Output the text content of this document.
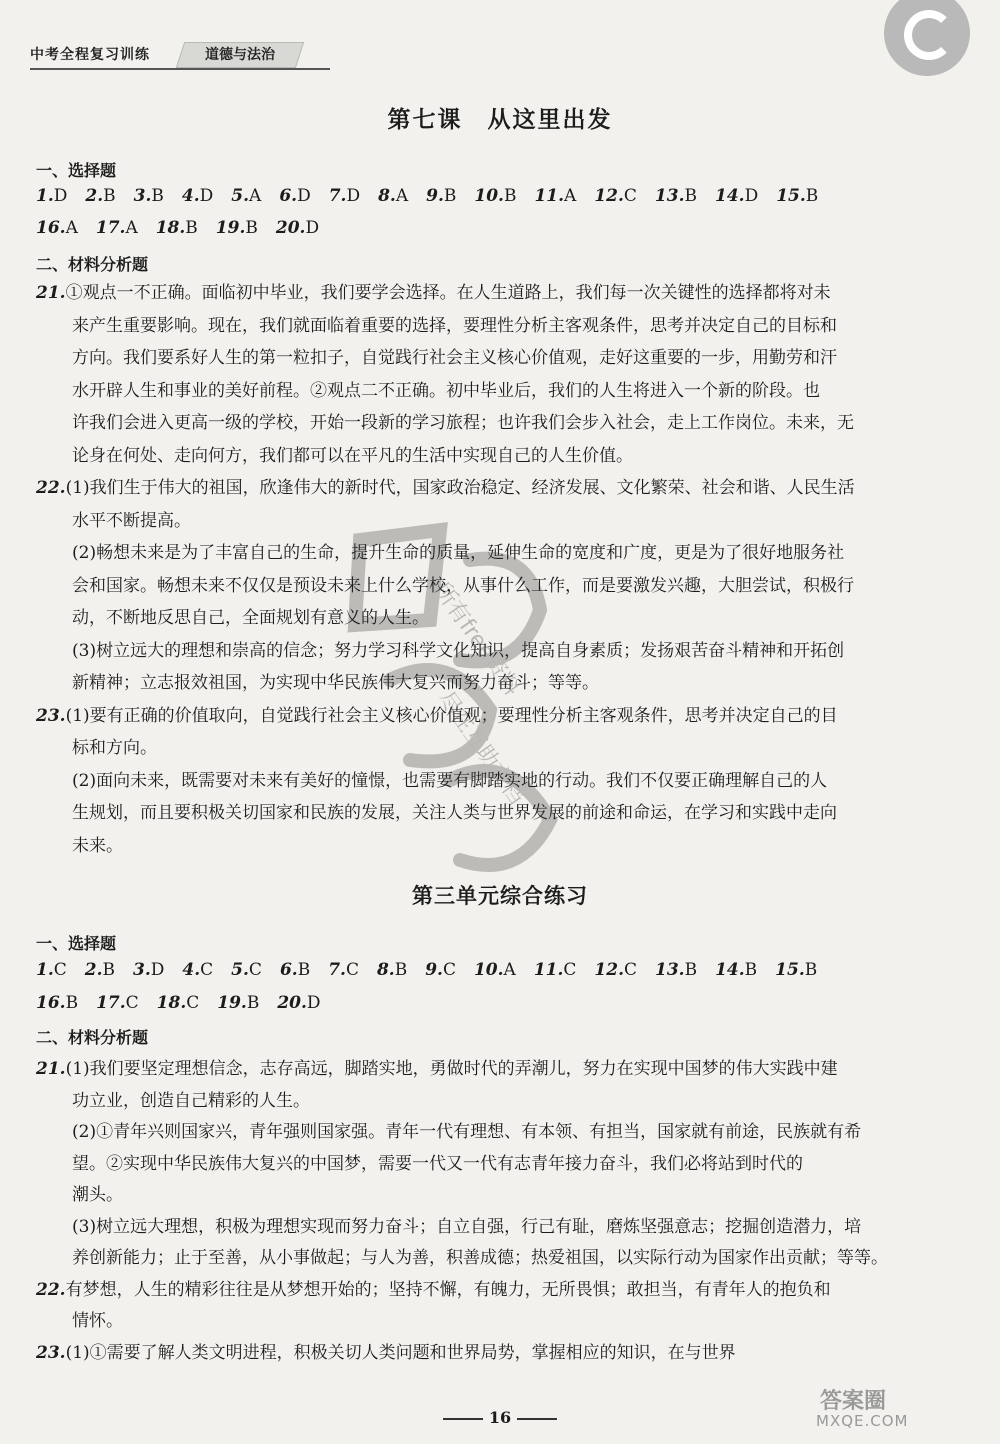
中考全程复习训练	道德与法治
第七课　从这里出发
一、选择题
1.D 2.B 3.B 4.D 5.A 6.D 7.D 8.A 9.B 10.B 11.A 12.C 13.B 14.D 15.B
16.A 17.A 18.B 19.B 20.D
二、材料分析题
21.①观点一不正确。面临初中毕业，我们要学会选择。在人生道路上，我们每一次关键性的选择都将对未
来产生重要影响。现在，我们就面临着重要的选择，要理性分析主客观条件，思考并决定自己的目标和
方向。我们要系好人生的第一粒扣子，自觉践行社会主义核心价值观，走好这重要的一步，用勤劳和汗
水开辟人生和事业的美好前程。②观点二不正确。初中毕业后，我们的人生将进入一个新的阶段。也
许我们会进入更高一级的学校，开始一段新的学习旅程；也许我们会步入社会，走上工作岗位。未来，无
论身在何处、走向何方，我们都可以在平凡的生活中实现自己的人生价值。
22.(1)我们生于伟大的祖国，欣逢伟大的新时代，国家政治稳定、经济发展、文化繁荣、社会和谐、人民生活
水平不断提高。
(2)畅想未来是为了丰富自己的生命，提升生命的质量，延伸生命的宽度和广度，更是为了很好地服务社
会和国家。畅想未来不仅仅是预设未来上什么学校，从事什么工作，而是要激发兴趣，大胆尝试，积极行
动，不断地反思自己，全面规划有意义的人生。
(3)树立远大的理想和崇高的信念；努力学习科学文化知识，提高自身素质；发扬艰苦奋斗精神和开拓创
新精神；立志报效祖国，为实现中华民族伟大复兴而努力奋斗；等等。
23.(1)要有正确的价值取向，自觉践行社会主义核心价值观；要理性分析主客观条件，思考并决定自己的目
标和方向。
(2)面向未来，既需要对未来有美好的憧憬，也需要有脚踏实地的行动。我们不仅要正确理解自己的人
生规划，而且要积极关切国家和民族的发展，关注人类与世界发展的前途和命运，在学习和实践中走向
未来。
第三单元综合练习
一、选择题
1.C 2.B 3.D 4.C 5.C 6.B 7.C 8.B 9.C 10.A 11.C 12.C 13.B 14.B 15.B
16.B 17.C 18.C 19.B 20.D
二、材料分析题
21.(1)我们要坚定理想信念，志存高远，脚踏实地，勇做时代的弄潮儿，努力在实现中国梦的伟大实践中建
功立业，创造自己精彩的人生。
(2)①青年兴则国家兴，青年强则国家强。青年一代有理想、有本领、有担当，国家就有前途，民族就有希
望。②实现中华民族伟大复兴的中国梦，需要一代又一代有志青年接力奋斗，我们必将站到时代的
潮头。
(3)树立远大理想，积极为理想实现而努力奋斗；自立自强，行己有耻，磨炼坚强意志；挖掘创造潜力，培
养创新能力；止于至善，从小事做起；与人为善，积善成德；热爱祖国，以实际行动为国家作出贡献；等等。
22.有梦想，人生的精彩往往是从梦想开始的；坚持不懈，有魄力，无所畏惧；敢担当，有青年人的抱负和
情怀。
23.(1)①需要了解人类文明进程，积极关切人类问题和世界局势，掌握相应的知识，在与世界
16
所有free资料
尽在互助文档
答案圈
MXQE.COM
